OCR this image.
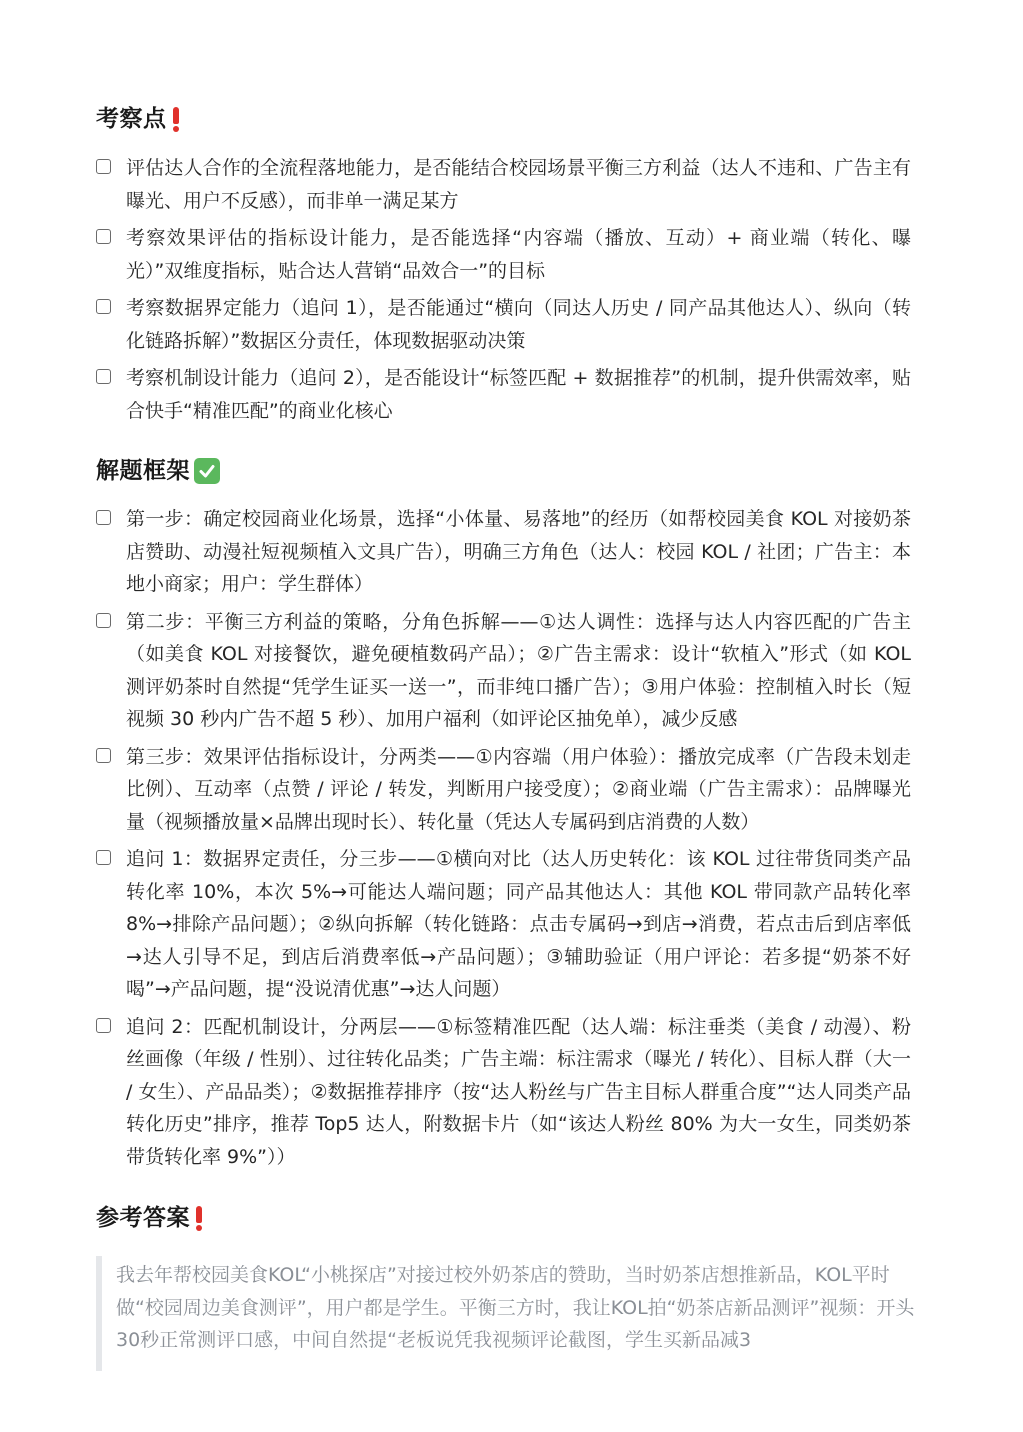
考察点
评估达人合作的全流程落地能力，是否能结合校园场景平衡三方利益（达人不违和、广告主有曝光、用户不反感），而非单一满足某方
考察效果评估的指标设计能力，是否能选择“内容端（播放、互动）+ 商业端（转化、曝光）”双维度指标，贴合达人营销“品效合一”的目标
考察数据界定能力（追问 1），是否能通过“横向（同达人历史 / 同产品其他达人）、纵向（转化链路拆解）”数据区分责任，体现数据驱动决策
考察机制设计能力（追问 2），是否能设计“标签匹配 + 数据推荐”的机制，提升供需效率，贴合快手“精准匹配”的商业化核心
解题框架
第一步：确定校园商业化场景，选择“小体量、易落地”的经历（如帮校园美食 KOL 对接奶茶店赞助、动漫社短视频植入文具广告），明确三方角色（达人：校园 KOL / 社团；广告主：本地小商家；用户：学生群体）
第二步：平衡三方利益的策略，分角色拆解——①达人调性：选择与达人内容匹配的广告主（如美食 KOL 对接餐饮，避免硬植数码产品）；②广告主需求：设计“软植入”形式（如 KOL 测评奶茶时自然提“凭学生证买一送一”，而非纯口播广告）；③用户体验：控制植入时长（短视频 30 秒内广告不超 5 秒）、加用户福利（如评论区抽免单），减少反感
第三步：效果评估指标设计，分两类——①内容端（用户体验）：播放完成率（广告段未划走比例）、互动率（点赞 / 评论 / 转发，判断用户接受度）；②商业端（广告主需求）：品牌曝光量（视频播放量×品牌出现时长）、转化量（凭达人专属码到店消费的人数）
追问 1：数据界定责任，分三步——①横向对比（达人历史转化：该 KOL 过往带货同类产品转化率 10%，本次 5%→可能达人端问题；同产品其他达人：其他 KOL 带同款产品转化率 8%→排除产品问题）；②纵向拆解（转化链路：点击专属码→到店→消费，若点击后到店率低→达人引导不足，到店后消费率低→产品问题）；③辅助验证（用户评论：若多提“奶茶不好喝”→产品问题，提“没说清优惠”→达人问题）
追问 2：匹配机制设计，分两层——①标签精准匹配（达人端：标注垂类（美食 / 动漫）、粉丝画像（年级 / 性别）、过往转化品类；广告主端：标注需求（曝光 / 转化）、目标人群（大一 / 女生）、产品品类）；②数据推荐排序（按“达人粉丝与广告主目标人群重合度”“达人同类产品转化历史”排序，推荐 Top5 达人，附数据卡片（如“该达人粉丝 80% 为大一女生，同类奶茶带货转化率 9%”））
参考答案
我去年帮校园美食KOL“小桃探店”对接过校外奶茶店的赞助，当时奶茶店想推新品，KOL平时做“校园周边美食测评”，用户都是学生。平衡三方时，我让KOL拍“奶茶店新品测评”视频：开头30秒正常测评口感，中间自然提“老板说凭我视频评论截图，学生买新品减3
